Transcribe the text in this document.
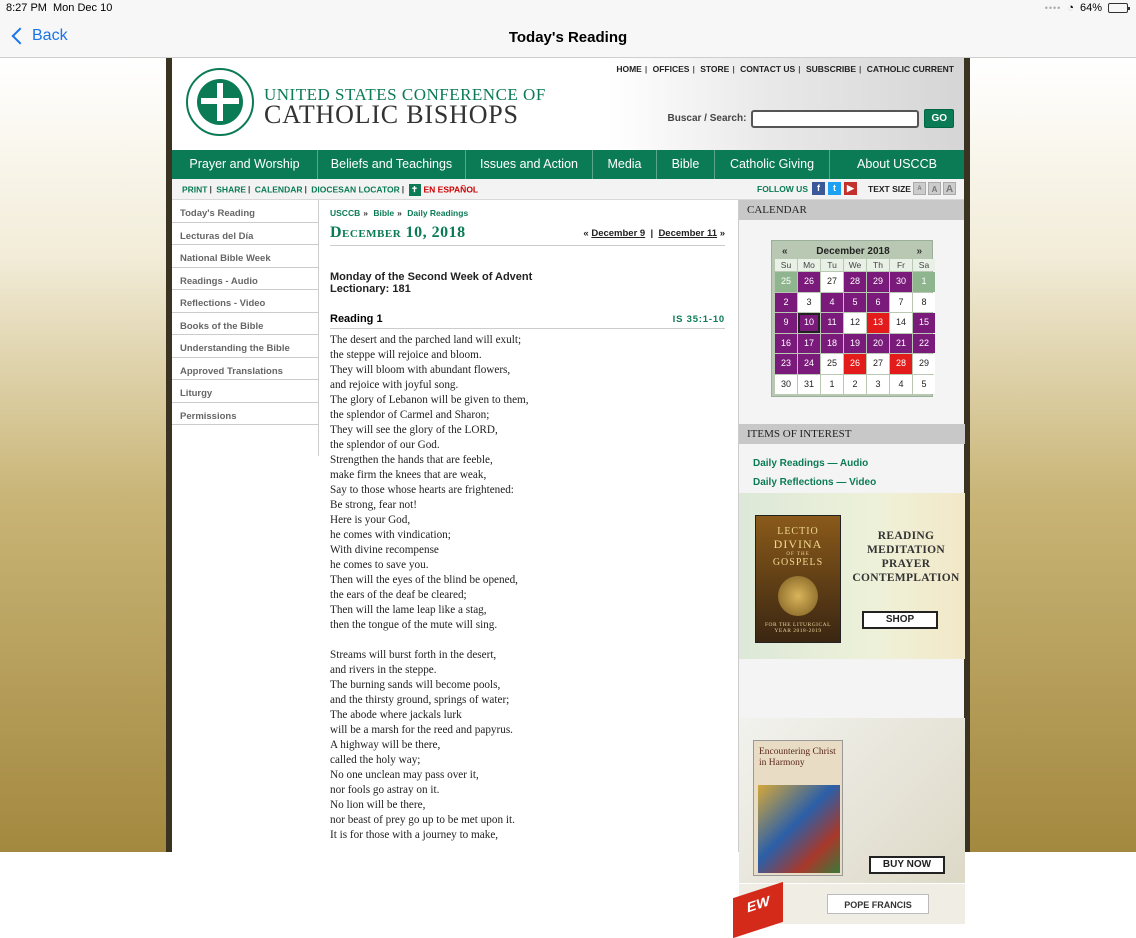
8:27 PM Mon Dec 10	•••• ◔ 64%
Back	Today's Reading
UNITED STATES CONFERENCE OF
CATHOLIC BISHOPS
HOME | OFFICES | STORE | CONTACT US | SUBSCRIBE | CATHOLIC CURRENT
Buscar / Search:	GO
Prayer and Worship	Beliefs and Teachings	Issues and Action	Media	Bible	Catholic Giving	About USCCB
PRINT | SHARE | CALENDAR | DIOCESAN LOCATOR | ✝ EN ESPAÑOL	FOLLOW US	f	t	▶	TEXT SIZE	A	A A
Today's Reading
Lecturas del Día
National Bible Week
Readings - Audio
Reflections - Video
Books of the Bible
Understanding the Bible
Approved Translations
Liturgy
Permissions
USCCB » Bible » Daily Readings
December 10, 2018	« December 9  |  December 11 »
Monday of the Second Week of Advent
Lectionary: 181
Reading 1	IS 35:1-10
The desert and the parched land will exult;
the steppe will rejoice and bloom.
They will bloom with abundant flowers,
and rejoice with joyful song.
The glory of Lebanon will be given to them,
the splendor of Carmel and Sharon;
They will see the glory of the LORD,
the splendor of our God.
Strengthen the hands that are feeble,
make firm the knees that are weak,
Say to those whose hearts are frightened:
Be strong, fear not!
Here is your God,
he comes with vindication;
With divine recompense
he comes to save you.
Then will the eyes of the blind be opened,
the ears of the deaf be cleared;
Then will the lame leap like a stag,
then the tongue of the mute will sing.
Streams will burst forth in the desert,
and rivers in the steppe.
The burning sands will become pools,
and the thirsty ground, springs of water;
The abode where jackals lurk
will be a marsh for the reed and papyrus.
A highway will be there,
called the holy way;
No one unclean may pass over it,
nor fools go astray on it.
No lion will be there,
nor beast of prey go up to be met upon it.
It is for those with a journey to make,
CALENDAR
«	December 2018	»
Su	Mo	Tu	We	Th	Fr	Sa
25	26	27	28	29	30	1
2	3	4	5	6	7	8
9	10	11	12	13	14	15
16	17	18	19	20	21	22
23	24	25	26	27	28	29
30	31	1	2	3	4	5
ITEMS OF INTEREST
Daily Readings — Audio
Daily Reflections — Video
LECTIO
DIVINA
OF THE
GOSPELS
FOR THE LITURGICAL YEAR 2018-2019
READING
MEDITATION
PRAYER
CONTEMPLATION
SHOP
Encountering Christ in Harmony
BUY NOW
EW	POPE FRANCIS
